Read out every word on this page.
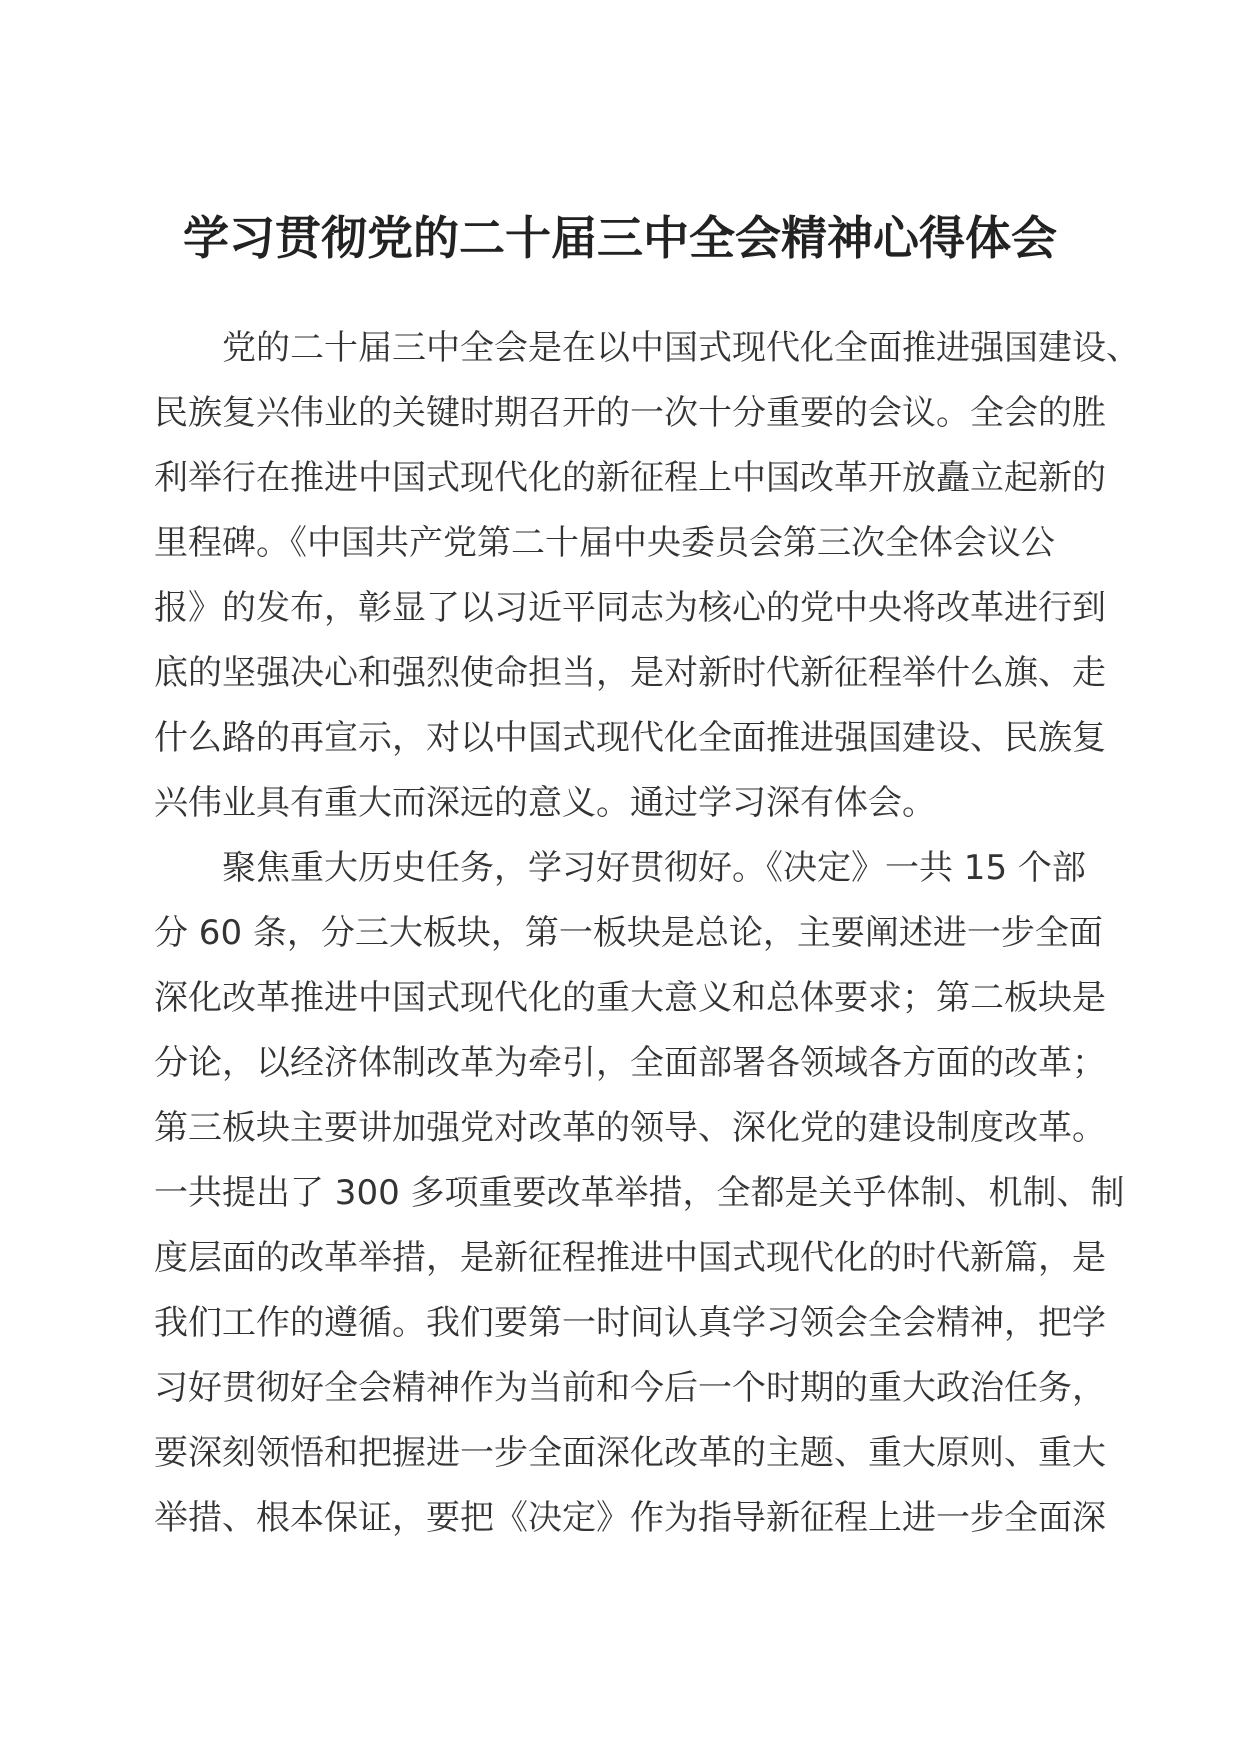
学习贯彻党的二十届三中全会精神心得体会
党的二十届三中全会是在以中国式现代化全面推进强国建设、
民族复兴伟业的关键时期召开的一次十分重要的会议。全会的胜
利举行在推进中国式现代化的新征程上中国改革开放矗立起新的
里程碑。《中国共产党第二十届中央委员会第三次全体会议公
报》的发布，彰显了以习近平同志为核心的党中央将改革进行到
底的坚强决心和强烈使命担当，是对新时代新征程举什么旗、走
什么路的再宣示，对以中国式现代化全面推进强国建设、民族复
兴伟业具有重大而深远的意义。通过学习深有体会。
聚焦重大历史任务，学习好贯彻好。《决定》一共 15 个部
分 60 条，分三大板块，第一板块是总论，主要阐述进一步全面
深化改革推进中国式现代化的重大意义和总体要求；第二板块是
分论，以经济体制改革为牵引，全面部署各领域各方面的改革；
第三板块主要讲加强党对改革的领导、深化党的建设制度改革。
一共提出了 300 多项重要改革举措，全都是关乎体制、机制、制
度层面的改革举措，是新征程推进中国式现代化的时代新篇，是
我们工作的遵循。我们要第一时间认真学习领会全会精神，把学
习好贯彻好全会精神作为当前和今后一个时期的重大政治任务，
要深刻领悟和把握进一步全面深化改革的主题、重大原则、重大
举措、根本保证，要把《决定》作为指导新征程上进一步全面深
